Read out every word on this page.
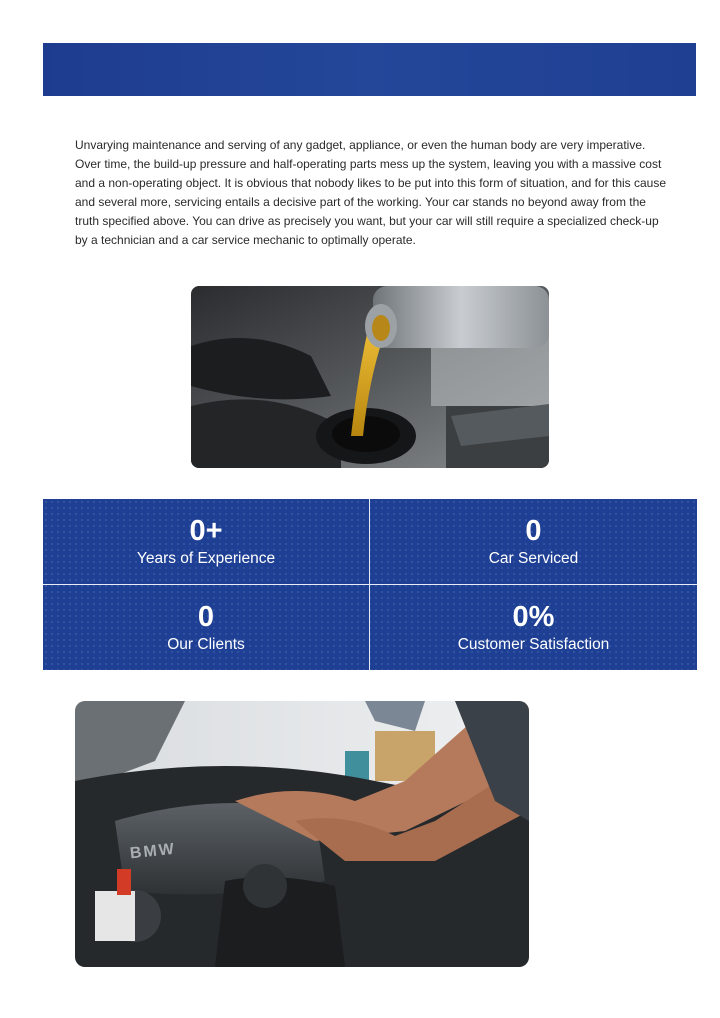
Unvarying maintenance and serving of any gadget, appliance, or even the human body are very imperative. Over time, the build-up pressure and half-operating parts mess up the system, leaving you with a massive cost and a non-operating object. It is obvious that nobody likes to be put into this form of situation, and for this cause and several more, servicing entails a decisive part of the working. Your car stands no beyond away from the truth specified above. You can drive as precisely you want, but your car will still require a specialized check-up by a technician and a car service mechanic to optimally operate.

0+
Years of Experience
0
Car Serviced
0
Our Clients
0%
Customer Satisfaction
BMW
